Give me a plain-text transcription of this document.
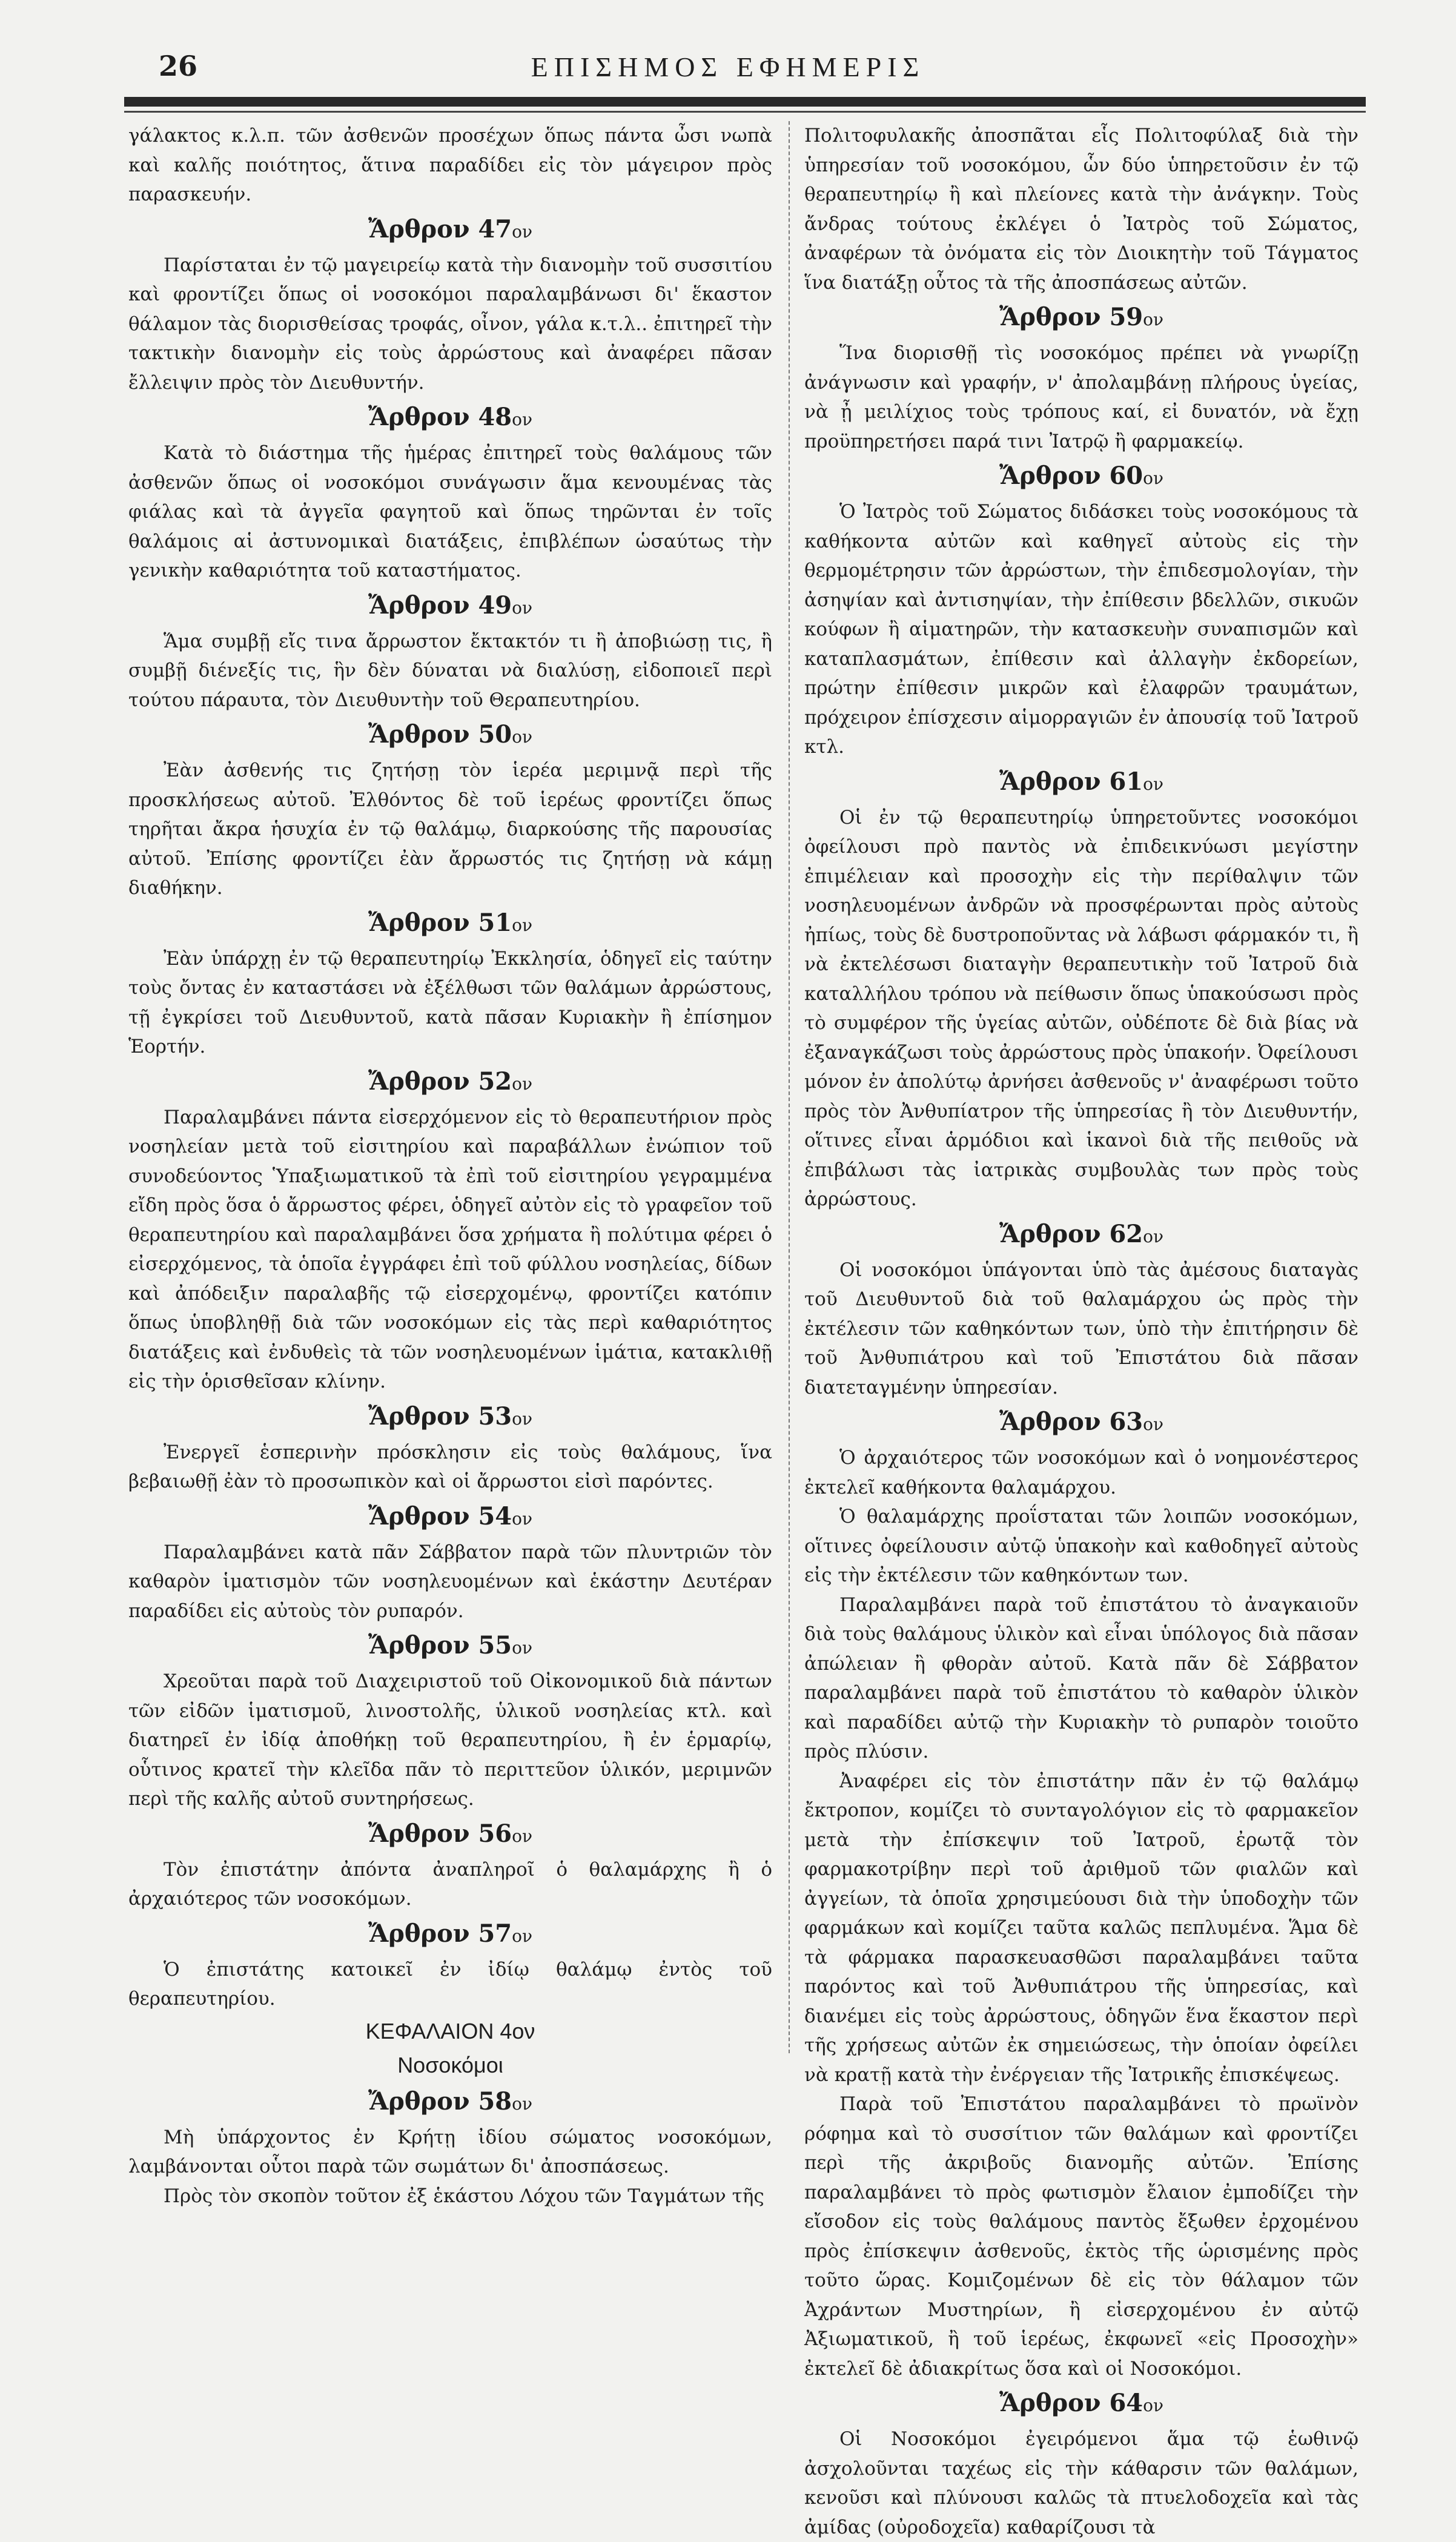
26	ΕΠΙΣΗΜΟΣ ΕΦΗΜΕΡΙΣ

γάλακτος κ.λ.π. τῶν ἀσθενῶν προσέχων ὅπως πάντα ὦσι νωπὰ καὶ καλῆς ποιότητος, ἅτινα παραδίδει εἰς τὸν μάγειρον πρὸς παρασκευήν.

Ἄρθρον 47ον

Παρίσταται ἐν τῷ μαγειρείῳ κατὰ τὴν διανομὴν τοῦ συσσιτίου καὶ φροντίζει ὅπως οἱ νοσοκόμοι παραλαμβάνωσι δι' ἕκαστον θάλαμον τὰς διορισθείσας τροφάς, οἶνον, γάλα κ.τ.λ.. ἐπιτηρεῖ τὴν τακτικὴν διανομὴν εἰς τοὺς ἀρρώστους καὶ ἀναφέρει πᾶσαν ἔλλειψιν πρὸς τὸν Διευθυντήν.

Ἄρθρον 48ον

Κατὰ τὸ διάστημα τῆς ἡμέρας ἐπιτηρεῖ τοὺς θαλάμους τῶν ἀσθενῶν ὅπως οἱ νοσοκόμοι συνάγωσιν ἅμα κενουμένας τὰς φιάλας καὶ τὰ ἀγγεῖα φαγητοῦ καὶ ὅπως τηρῶνται ἐν τοῖς θαλάμοις αἱ ἀστυνομικαὶ διατάξεις, ἐπιβλέπων ὡσαύτως τὴν γενικὴν καθαριότητα τοῦ καταστήματος.

Ἄρθρον 49ον

Ἅμα συμβῇ εἴς τινα ἄρρωστον ἔκτακτόν τι ἢ ἀποβιώσῃ τις, ἢ συμβῇ διένεξίς τις, ἣν δὲν δύναται νὰ διαλύσῃ, εἰδοποιεῖ περὶ τούτου πάραυτα, τὸν Διευθυντὴν τοῦ Θεραπευτηρίου.

Ἄρθρον 50ον

Ἐὰν ἀσθενής τις ζητήσῃ τὸν ἱερέα μεριμνᾷ περὶ τῆς προσκλήσεως αὐτοῦ. Ἐλθόντος δὲ τοῦ ἱερέως φροντίζει ὅπως τηρῆται ἄκρα ἡσυχία ἐν τῷ θαλάμῳ, διαρκούσης τῆς παρουσίας αὐτοῦ. Ἐπίσης φροντίζει ἐὰν ἄρρωστός τις ζητήσῃ νὰ κάμῃ διαθήκην.

Ἄρθρον 51ον

Ἐὰν ὑπάρχῃ ἐν τῷ θεραπευτηρίῳ Ἐκκλησία, ὁδηγεῖ εἰς ταύτην τοὺς ὄντας ἐν καταστάσει νὰ ἐξέλθωσι τῶν θαλάμων ἀρρώστους, τῇ ἐγκρίσει τοῦ Διευθυντοῦ, κατὰ πᾶσαν Κυριακὴν ἢ ἐπίσημον Ἑορτήν.

Ἄρθρον 52ον

Παραλαμβάνει πάντα εἰσερχόμενον εἰς τὸ θεραπευτήριον πρὸς νοσηλείαν μετὰ τοῦ εἰσιτηρίου καὶ παραβάλλων ἐνώπιον τοῦ συνοδεύοντος Ὑπαξιωματικοῦ τὰ ἐπὶ τοῦ εἰσιτηρίου γεγραμμένα εἴδη πρὸς ὅσα ὁ ἄρρωστος φέρει, ὁδηγεῖ αὐτὸν εἰς τὸ γραφεῖον τοῦ θεραπευτηρίου καὶ παραλαμβάνει ὅσα χρήματα ἢ πολύτιμα φέρει ὁ εἰσερχόμενος, τὰ ὁποῖα ἐγγράφει ἐπὶ τοῦ φύλλου νοσηλείας, δίδων καὶ ἀπόδειξιν παραλαβῆς τῷ εἰσερχομένῳ, φροντίζει κατόπιν ὅπως ὑποβληθῇ διὰ τῶν νοσοκόμων εἰς τὰς περὶ καθαριότητος διατάξεις καὶ ἐνδυθεὶς τὰ τῶν νοσηλευομένων ἱμάτια, κατακλιθῇ εἰς τὴν ὁρισθεῖσαν κλίνην.

Ἄρθρον 53ον

Ἐνεργεῖ ἑσπερινὴν πρόσκλησιν εἰς τοὺς θαλάμους, ἵνα βεβαιωθῇ ἐὰν τὸ προσωπικὸν καὶ οἱ ἄρρωστοι εἰσὶ παρόντες.

Ἄρθρον 54ον

Παραλαμβάνει κατὰ πᾶν Σάββατον παρὰ τῶν πλυντριῶν τὸν καθαρὸν ἱματισμὸν τῶν νοσηλευομένων καὶ ἑκάστην Δευτέραν παραδίδει εἰς αὐτοὺς τὸν ρυπαρόν.

Ἄρθρον 55ον

Χρεοῦται παρὰ τοῦ Διαχειριστοῦ τοῦ Οἰκονομικοῦ διὰ πάντων τῶν εἰδῶν ἱματισμοῦ, λινοστολῆς, ὑλικοῦ νοσηλείας κτλ. καὶ διατηρεῖ ἐν ἰδίᾳ ἀποθήκῃ τοῦ θεραπευτηρίου, ἢ ἐν ἑρμαρίῳ, οὗτινος κρατεῖ τὴν κλεῖδα πᾶν τὸ περιττεῦον ὑλικόν, μεριμνῶν περὶ τῆς καλῆς αὐτοῦ συντηρήσεως.

Ἄρθρον 56ον

Τὸν ἐπιστάτην ἀπόντα ἀναπληροῖ ὁ θαλαμάρχης ἢ ὁ ἀρχαιότερος τῶν νοσοκόμων.

Ἄρθρον 57ον

Ὁ ἐπιστάτης κατοικεῖ ἐν ἰδίῳ θαλάμῳ ἐντὸς τοῦ θεραπευτηρίου.

ΚΕΦΑΛΑΙΟΝ 4ον
Νοσοκόμοι
Ἄρθρον 58ον

Μὴ ὑπάρχοντος ἐν Κρήτῃ ἰδίου σώματος νοσοκόμων, λαμβάνονται οὗτοι παρὰ τῶν σωμάτων δι' ἀποσπάσεως.

Πρὸς τὸν σκοπὸν τοῦτον ἐξ ἑκάστου Λόχου τῶν Ταγμάτων τῆς

Πολιτοφυλακῆς ἀποσπᾶται εἷς Πολιτοφύλαξ διὰ τὴν ὑπηρεσίαν τοῦ νοσοκόμου, ὧν δύο ὑπηρετοῦσιν ἐν τῷ θεραπευτηρίῳ ἢ καὶ πλείονες κατὰ τὴν ἀνάγκην. Τοὺς ἄνδρας τούτους ἐκλέγει ὁ Ἰατρὸς τοῦ Σώματος, ἀναφέρων τὰ ὀνόματα εἰς τὸν Διοικητὴν τοῦ Τάγματος ἵνα διατάξῃ οὗτος τὰ τῆς ἀποσπάσεως αὐτῶν.

Ἄρθρον 59ον

Ἵνα διορισθῇ τὶς νοσοκόμος πρέπει νὰ γνωρίζῃ ἀνάγνωσιν καὶ γραφήν, ν' ἀπολαμβάνῃ πλήρους ὑγείας, νὰ ᾖ μειλίχιος τοὺς τρόπους καί, εἰ δυνατόν, νὰ ἔχῃ προϋπηρετήσει παρά τινι Ἰατρῷ ἢ φαρμακείῳ.

Ἄρθρον 60ον

Ὁ Ἰατρὸς τοῦ Σώματος διδάσκει τοὺς νοσοκόμους τὰ καθήκοντα αὐτῶν καὶ καθηγεῖ αὐτοὺς εἰς τὴν θερμομέτρησιν τῶν ἀρρώστων, τὴν ἐπιδεσμολογίαν, τὴν ἀσηψίαν καὶ ἀντισηψίαν, τὴν ἐπίθεσιν βδελλῶν, σικυῶν κούφων ἢ αἱματηρῶν, τὴν κατασκευὴν συναπισμῶν καὶ καταπλασμάτων, ἐπίθεσιν καὶ ἀλλαγὴν ἐκδορείων, πρώτην ἐπίθεσιν μικρῶν καὶ ἐλαφρῶν τραυμάτων, πρόχειρον ἐπίσχεσιν αἱμορραγιῶν ἐν ἀπουσίᾳ τοῦ Ἰατροῦ κτλ.

Ἄρθρον 61ον

Οἱ ἐν τῷ θεραπευτηρίῳ ὑπηρετοῦντες νοσοκόμοι ὀφείλουσι πρὸ παντὸς νὰ ἐπιδεικνύωσι μεγίστην ἐπιμέλειαν καὶ προσοχὴν εἰς τὴν περίθαλψιν τῶν νοσηλευομένων ἀνδρῶν νὰ προσφέρωνται πρὸς αὐτοὺς ἠπίως, τοὺς δὲ δυστροποῦντας νὰ λάβωσι φάρμακόν τι, ἢ νὰ ἐκτελέσωσι διαταγὴν θεραπευτικὴν τοῦ Ἰατροῦ διὰ καταλλήλου τρόπου νὰ πείθωσιν ὅπως ὑπακούσωσι πρὸς τὸ συμφέρον τῆς ὑγείας αὐτῶν, οὐδέποτε δὲ διὰ βίας νὰ ἐξαναγκάζωσι τοὺς ἀρρώστους πρὸς ὑπακοήν. Ὀφείλουσι μόνον ἐν ἀπολύτῳ ἀρνήσει ἀσθενοῦς ν' ἀναφέρωσι τοῦτο πρὸς τὸν Ἀνθυπίατρον τῆς ὑπηρεσίας ἢ τὸν Διευθυντήν, οἵτινες εἶναι ἁρμόδιοι καὶ ἱκανοὶ διὰ τῆς πειθοῦς νὰ ἐπιβάλωσι τὰς ἰατρικὰς συμβουλὰς των πρὸς τοὺς ἀρρώστους.

Ἄρθρον 62ον

Οἱ νοσοκόμοι ὑπάγονται ὑπὸ τὰς ἀμέσους διαταγὰς τοῦ Διευθυντοῦ διὰ τοῦ θαλαμάρχου ὡς πρὸς τὴν ἐκτέλεσιν τῶν καθηκόντων των, ὑπὸ τὴν ἐπιτήρησιν δὲ τοῦ Ἀνθυπιάτρου καὶ τοῦ Ἐπιστάτου διὰ πᾶσαν διατεταγμένην ὑπηρεσίαν.

Ἄρθρον 63ον

Ὁ ἀρχαιότερος τῶν νοσοκόμων καὶ ὁ νοημονέστερος ἐκτελεῖ καθήκοντα θαλαμάρχου.

Ὁ θαλαμάρχης προΐσταται τῶν λοιπῶν νοσοκόμων, οἵτινες ὀφείλουσιν αὐτῷ ὑπακοὴν καὶ καθοδηγεῖ αὐτοὺς εἰς τὴν ἐκτέλεσιν τῶν καθηκόντων των.

Παραλαμβάνει παρὰ τοῦ ἐπιστάτου τὸ ἀναγκαιοῦν διὰ τοὺς θαλάμους ὑλικὸν καὶ εἶναι ὑπόλογος διὰ πᾶσαν ἀπώλειαν ἢ φθορὰν αὐτοῦ. Κατὰ πᾶν δὲ Σάββατον παραλαμβάνει παρὰ τοῦ ἐπιστάτου τὸ καθαρὸν ὑλικὸν καὶ παραδίδει αὐτῷ τὴν Κυριακὴν τὸ ρυπαρὸν τοιοῦτο πρὸς πλύσιν.

Ἀναφέρει εἰς τὸν ἐπιστάτην πᾶν ἐν τῷ θαλάμῳ ἔκτροπον, κομίζει τὸ συνταγολόγιον εἰς τὸ φαρμακεῖον μετὰ τὴν ἐπίσκεψιν τοῦ Ἰατροῦ, ἐρωτᾷ τὸν φαρμακοτρίβην περὶ τοῦ ἀριθμοῦ τῶν φιαλῶν καὶ ἀγγείων, τὰ ὁποῖα χρησιμεύουσι διὰ τὴν ὑποδοχὴν τῶν φαρμάκων καὶ κομίζει ταῦτα καλῶς πεπλυμένα. Ἅμα δὲ τὰ φάρμακα παρασκευασθῶσι παραλαμβάνει ταῦτα παρόντος καὶ τοῦ Ἀνθυπιάτρου τῆς ὑπηρεσίας, καὶ διανέμει εἰς τοὺς ἀρρώστους, ὁδηγῶν ἕνα ἕκαστον περὶ τῆς χρήσεως αὐτῶν ἐκ σημειώσεως, τὴν ὁποίαν ὀφείλει νὰ κρατῇ κατὰ τὴν ἐνέργειαν τῆς Ἰατρικῆς ἐπισκέψεως.

Παρὰ τοῦ Ἐπιστάτου παραλαμβάνει τὸ πρωϊνὸν ρόφημα καὶ τὸ συσσίτιον τῶν θαλάμων καὶ φροντίζει περὶ τῆς ἀκριβοῦς διανομῆς αὐτῶν. Ἐπίσης παραλαμβάνει τὸ πρὸς φωτισμὸν ἔλαιον ἐμποδίζει τὴν εἴσοδον εἰς τοὺς θαλάμους παντὸς ἔξωθεν ἐρχομένου πρὸς ἐπίσκεψιν ἀσθενοῦς, ἐκτὸς τῆς ὡρισμένης πρὸς τοῦτο ὥρας. Κομιζομένων δὲ εἰς τὸν θάλαμον τῶν Ἀχράντων Μυστηρίων, ἢ εἰσερχομένου ἐν αὐτῷ Ἀξιωματικοῦ, ἢ τοῦ ἱερέως, ἐκφωνεῖ «εἰς Προσοχὴν» ἐκτελεῖ δὲ ἀδιακρίτως ὅσα καὶ οἱ Νοσοκόμοι.

Ἄρθρον 64ον

Οἱ Νοσοκόμοι ἐγειρόμενοι ἅμα τῷ ἑωθινῷ ἀσχολοῦνται ταχέως εἰς τὴν κάθαρσιν τῶν θαλάμων, κενοῦσι καὶ πλύνουσι καλῶς τὰ πτυελοδοχεῖα καὶ τὰς ἀμίδας (οὐροδοχεῖα) καθαρίζουσι τὰ
